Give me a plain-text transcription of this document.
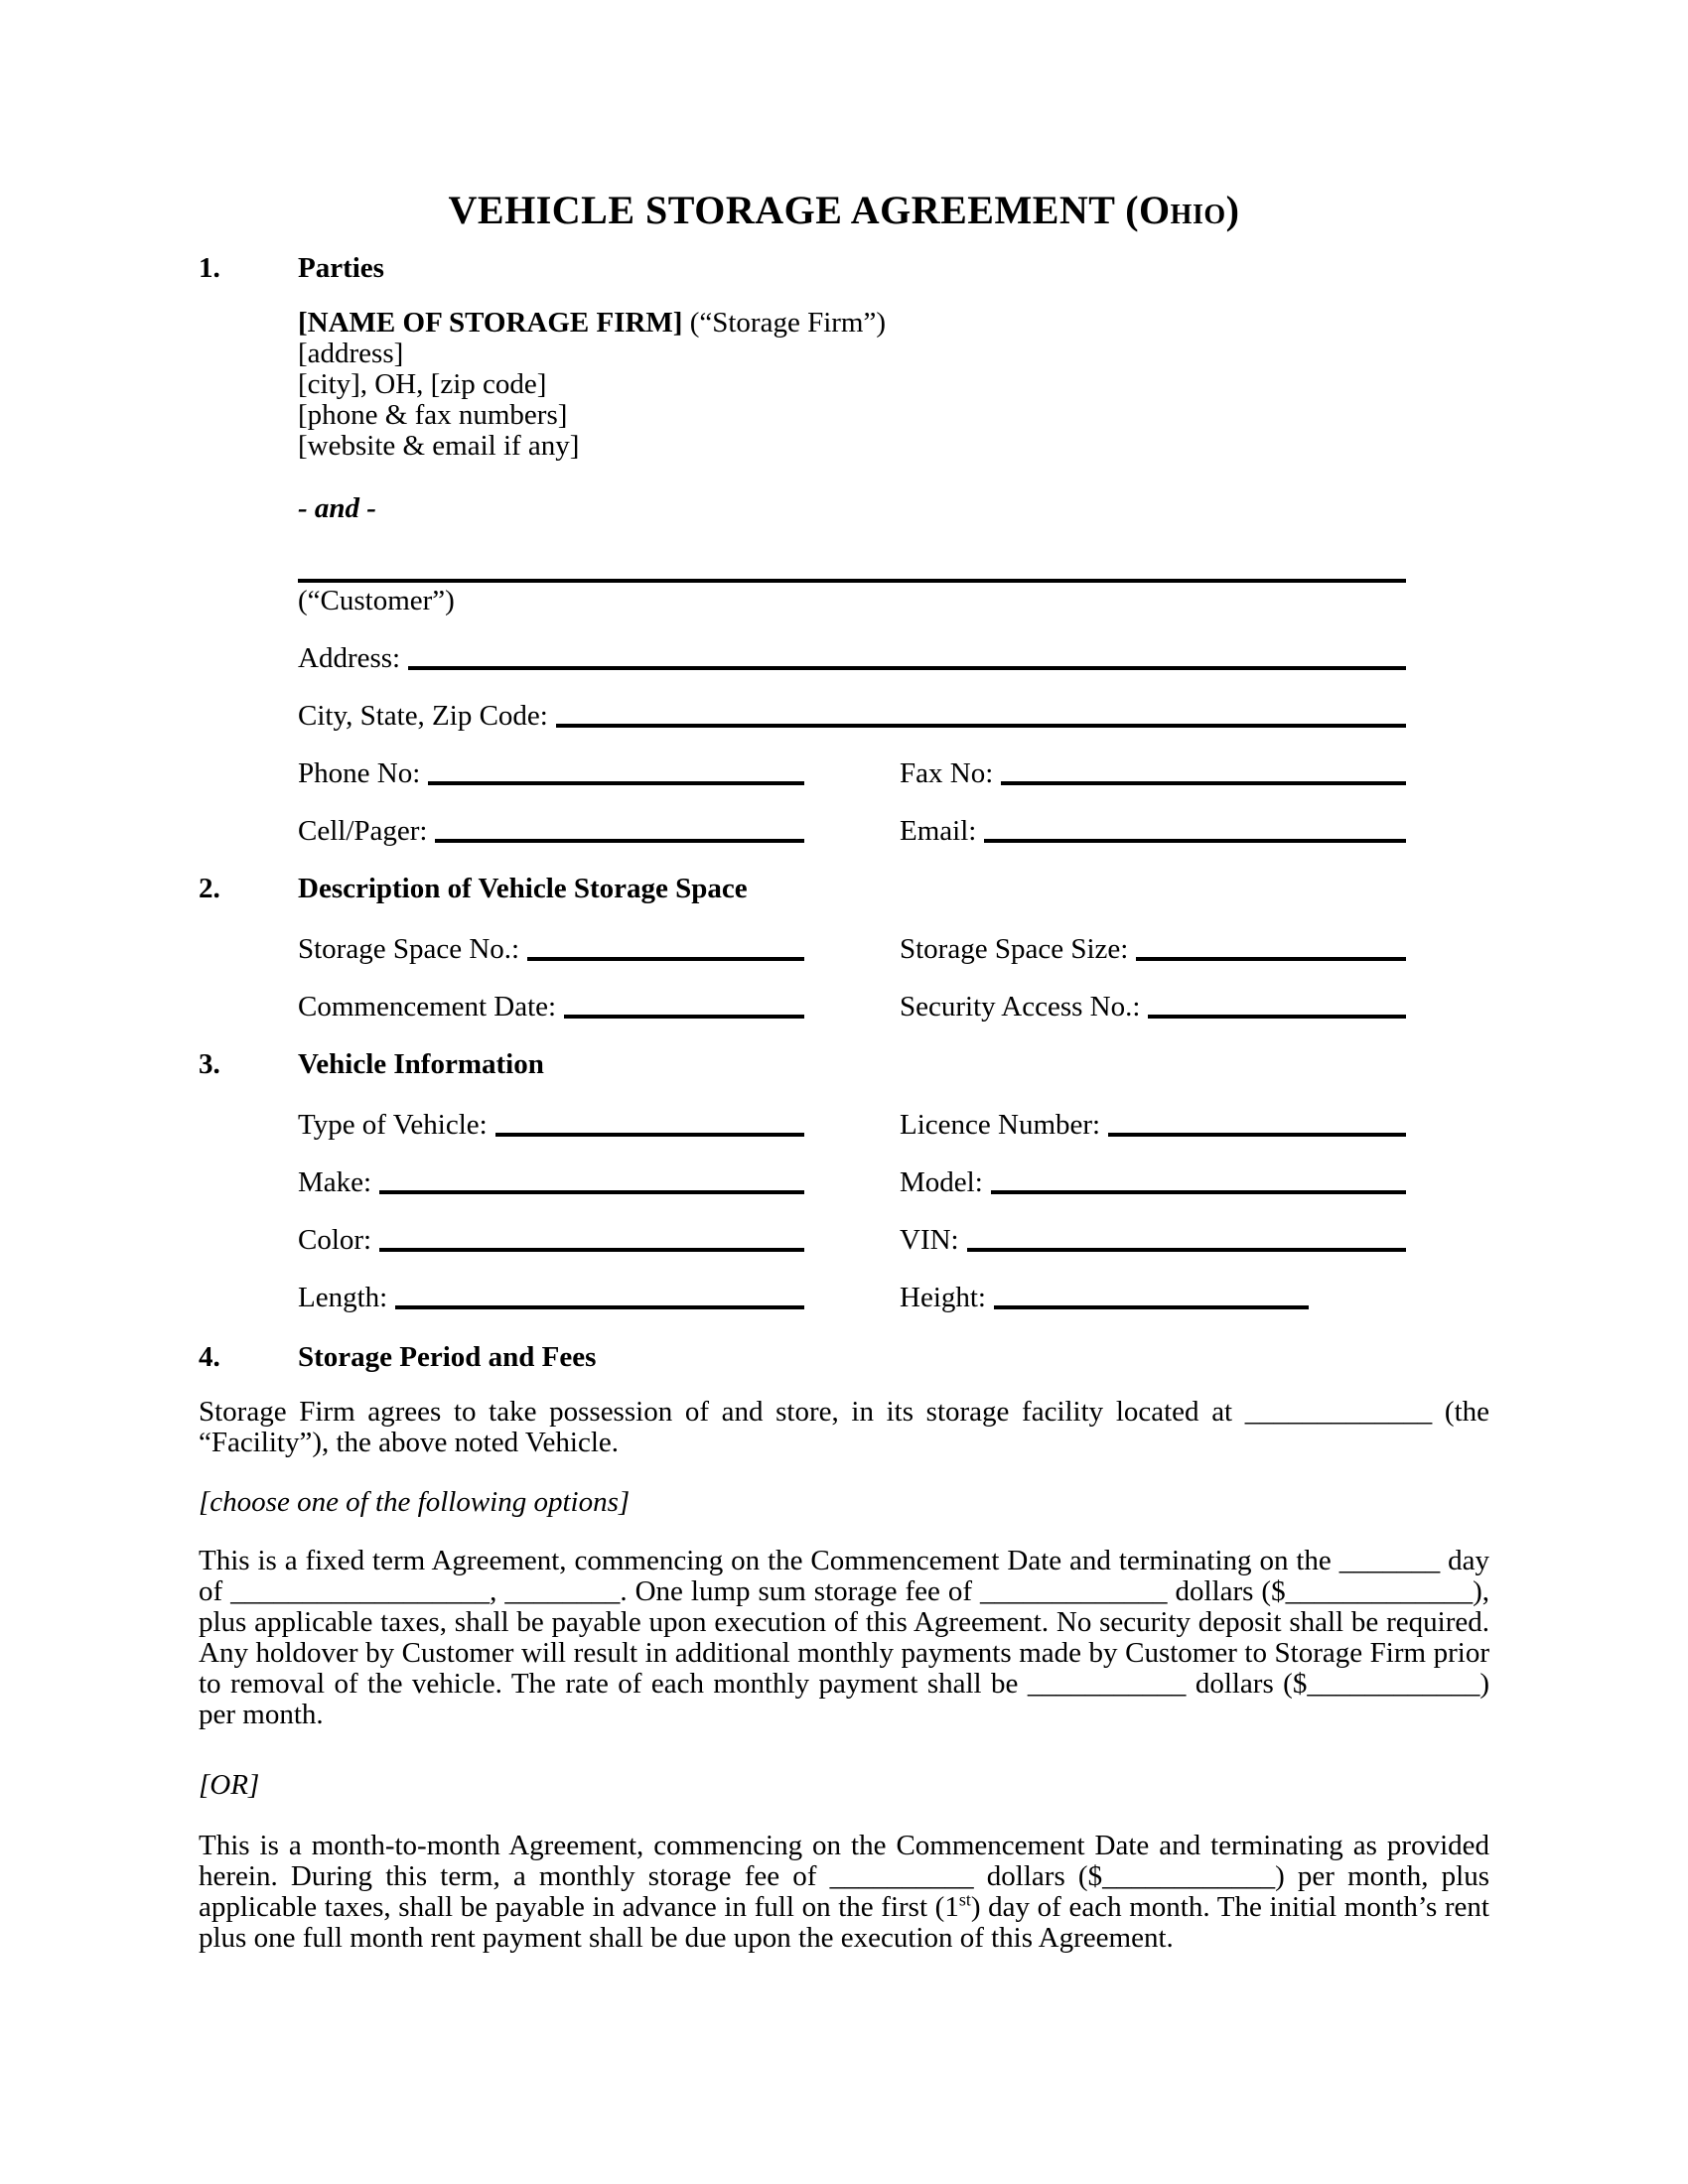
VEHICLE STORAGE AGREEMENT (Ohio)
1.	Parties

[NAME OF STORAGE FIRM] (“Storage Firm”)

[address]

[city], OH, [zip code]

[phone & fax numbers]

[website & email if any]

- and -

(“Customer”)

Address:
City, State, Zip Code:
Phone No:	Fax No:
Cell/Pager:	Email:
2.	Description of Vehicle Storage Space
Storage Space No.:	Storage Space Size:
Commencement Date:	Security Access No.:
3.	Vehicle Information
Type of Vehicle:	Licence Number:
Make:	Model:
Color:	VIN:
Length:	Height:
4.	Storage Period and Fees

Storage Firm agrees to take possession of and store, in its storage facility located at _____________ (the “Facility”), the above noted Vehicle.

[choose one of the following options]

This is a fixed term Agreement, commencing on the Commencement Date and terminating on the _______ day of __________________, ________. One lump sum storage fee of _____________ dollars ($_____________), plus applicable taxes, shall be payable upon execution of this Agreement. No security deposit shall be required. Any holdover by Customer will result in additional monthly payments made by Customer to Storage Firm prior to removal of the vehicle. The rate of each monthly payment shall be ___________ dollars ($____________) per month.

[OR]

This is a month-to-month Agreement, commencing on the Commencement Date and terminating as provided herein. During this term, a monthly storage fee of __________ dollars ($____________) per month, plus applicable taxes, shall be payable in advance in full on the first (1st) day of each month. The initial month’s rent plus one full month rent payment shall be due upon the execution of this Agreement.
